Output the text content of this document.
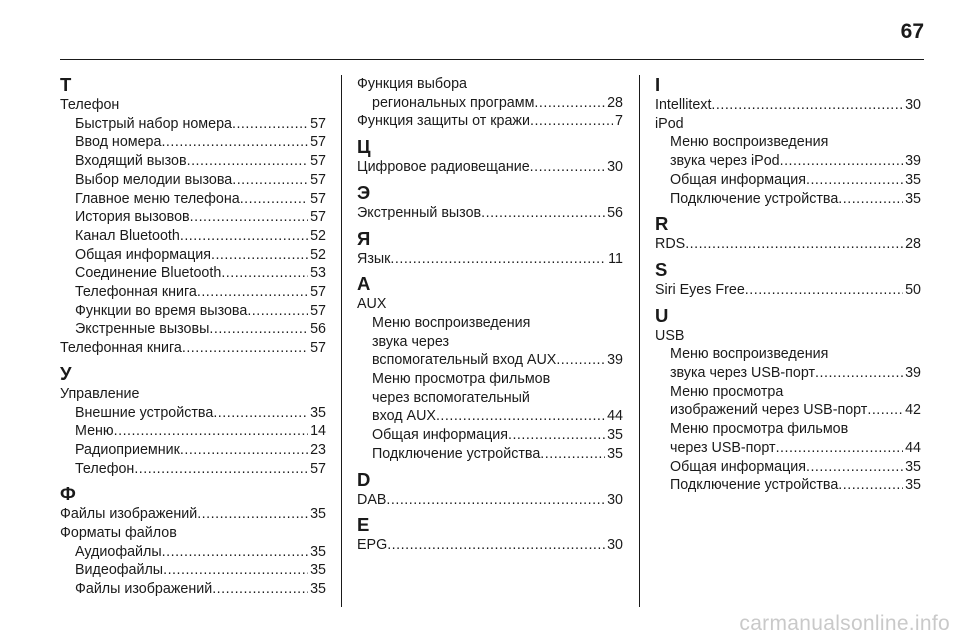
67
Т
Телефон
Быстрый набор номера .....	57
Ввод номера .....	57
Входящий вызов .....	57
Выбор мелодии вызова .....	57
Главное меню телефона .....	57
История вызовов .....	57
Канал Bluetooth .....	52
Общая информация .....	52
Соединение Bluetooth .....	53
Телефонная книга .....	57
Функции во время вызова .....	57
Экстренные вызовы .....	56
Телефонная книга .....	57
У
Управление
Внешние устройства .....	35
Меню .....	14
Радиоприемник .....	23
Телефон .....	57
Ф
Файлы изображений .....	35
Форматы файлов
Аудиофайлы .....	35
Видеофайлы .....	35
Файлы изображений .....	35
Функция выбора
региональных программ .....	28
Функция защиты от кражи .....	7
Ц
Цифровое радиовещание .....	30
Э
Экстренный вызов .....	56
Я
Язык .....	11
A
AUX
Меню воспроизведения
звука через
вспомогательный вход AUX .....	39
Меню просмотра фильмов
через вспомогательный
вход AUX .....	44
Общая информация .....	35
Подключение устройства .....	35
D
DAB .....	30
E
EPG .....	30
I
Intellitext .....	30
iPod
Меню воспроизведения
звука через iPod .....	39
Общая информация .....	35
Подключение устройства .....	35
R
RDS .....	28
S
Siri Eyes Free .....	50
U
USB
Меню воспроизведения
звука через USB-порт .....	39
Меню просмотра
изображений через USB-порт .....	42
Меню просмотра фильмов
через USB-порт .....	44
Общая информация .....	35
Подключение устройства .....	35
carmanualsonline.info
